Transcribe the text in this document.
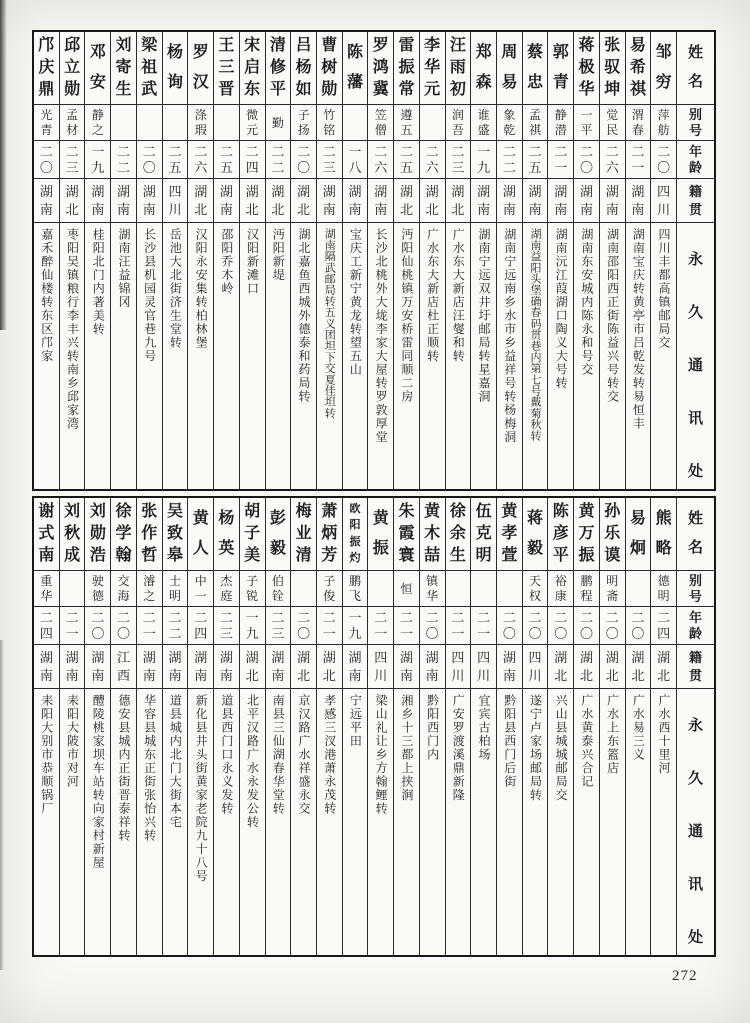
姓
名
别
号
年
龄
籍
贯
永
久
通
讯
处
邹
穷
萍
舫
二
〇
四
川
四川丰都高镇邮局交
易
希
祺
渭
春
二
一
湖
南
湖南宝庆转黄亭市吕乾发转易恒丰
张
驭
坤
觉
民
二
六
湖
南
湖南邵阳西正街陈益兴号转交
蒋
极
华
一
平
二
〇
湖
南
湖南东安城内陈永和号交
郭
青
静
潜
二
一
湖
南
湖南沅江葭湖口陶义大号转
蔡
忠
孟
祺
二
五
湖
南
湖南益阳头堡确春码贯巷内第七号戴菊秋转
周
易
象
乾
二
二
湖
南
湖南宁远南乡水市乡益祥号转杨梅洞
郑
森
谁
盛
一
九
湖
南
湖南宁远双井圩邮局转星嘉洞
汪
雨
初
润
吾
二
三
湖
北
广水东大新店汪燮和转
李
华
元
二
六
湖
北
广水东大新店杜正顺转
雷
振
常
遵
五
二
五
湖
北
沔阳仙桃镇万安桥雷同顺二房
罗
鸿
冀
笠
僧
二
六
湖
南
长沙北桃外大垅李家大屋转罗敦厚堂
陈
藩
一
八
湖
南
宝庆工新宁黄龙转望五山
曹
树
勋
竹
铭
二
三
湖
南
湖南隔武邮局转五义团坦下交夏佳坦转
吕
杨
如
子
扬
二
〇
湖
北
湖北嘉鱼西城外德泰和药局转
清
修
平
勤
二
二
湖
北
沔阳新堤
宋
启
东
微
元
二
四
湖
北
汉阳新滩口
王
三
晋
二
五
湖
南
邵阳乔木岭
罗
汉
涤
瑕
二
六
湖
北
汉阳永安集转柏林堡
杨
询
二
五
四
川
岳池大北街济生堂转
梁
祖
武
二
〇
湖
南
长沙县机园灵官巷九号
刘
寄
生
二
二
湖
南
湖南汪益锦冈
邓
安
静
之
一
九
湖
南
桂阳北门内著美转
邱
立
勋
孟
材
二
三
湖
北
枣阳吴镇粮行李丰兴转南乡邱家湾
邝
庆
鼎
光
青
二
〇
湖
南
嘉禾醉仙楼转东区邝家
姓
名
别
号
年
龄
籍
贯
永
久
通
讯
处
熊
略
德
明
二
四
湖
北
广水西十里河
易
炯
二
〇
湖
北
广水易三义
孙
乐
谟
明
斋
二
〇
湖
北
广水上东篕店
黄
万
振
鹏
程
二
〇
湖
北
广水黄泰兴合记
陈
彦
平
裕
康
二
〇
湖
北
兴山县城城邮局交
蒋
毅
天
权
二
〇
四
川
遂宁卢家场邮局转
黄
孝
萱
二
〇
湖
南
黔阳县西门后街
伍
克
明
二
一
四
川
宜宾古柏场
徐
余
生
二
一
四
川
广安罗渡溪鼎新隆
黄
木
喆
镇
华
二
〇
湖
南
黔阳西门内
朱
霞
寰
恒
二
一
湖
南
湘乡十三都上挟涧
黄
振
二
一
四
川
梁山礼让乡方翰鲤转
欧
阳
振
灼
鹏
飞
一
九
湖
南
宁远平田
萧
炳
芳
子
俊
二
一
湖
北
孝感三汊港萧永茂转
梅
业
清
二
〇
湖
北
京汉路广水祥盛永交
彭
毅
伯
铨
二
三
湖
南
南县三仙湖春华堂转
胡
子
美
子
锐
一
九
湖
北
北平汉路广水永发公转
杨
英
杰
庭
二
三
湖
南
道县西门口永义发转
黄
人
中
一
二
四
湖
南
新化县井头街黄家老院九十八号
吴
致
皋
士
明
二
二
湖
南
道县城内北门大街本宅
张
作
哲
濬
之
二
一
湖
南
华容县城东正街张怡兴转
徐
学
翰
交
海
二
〇
江
西
德安县城内正街晋泰祥转
刘
勋
浩
驶
德
二
〇
湖
南
醴陵桃家坝车站转向家村新屋
刘
秋
成
二
一
湖
南
耒阳大陂市对河
谢
式
南
重
华
二
四
湖
南
耒阳大别市恭顺锅厂
272
